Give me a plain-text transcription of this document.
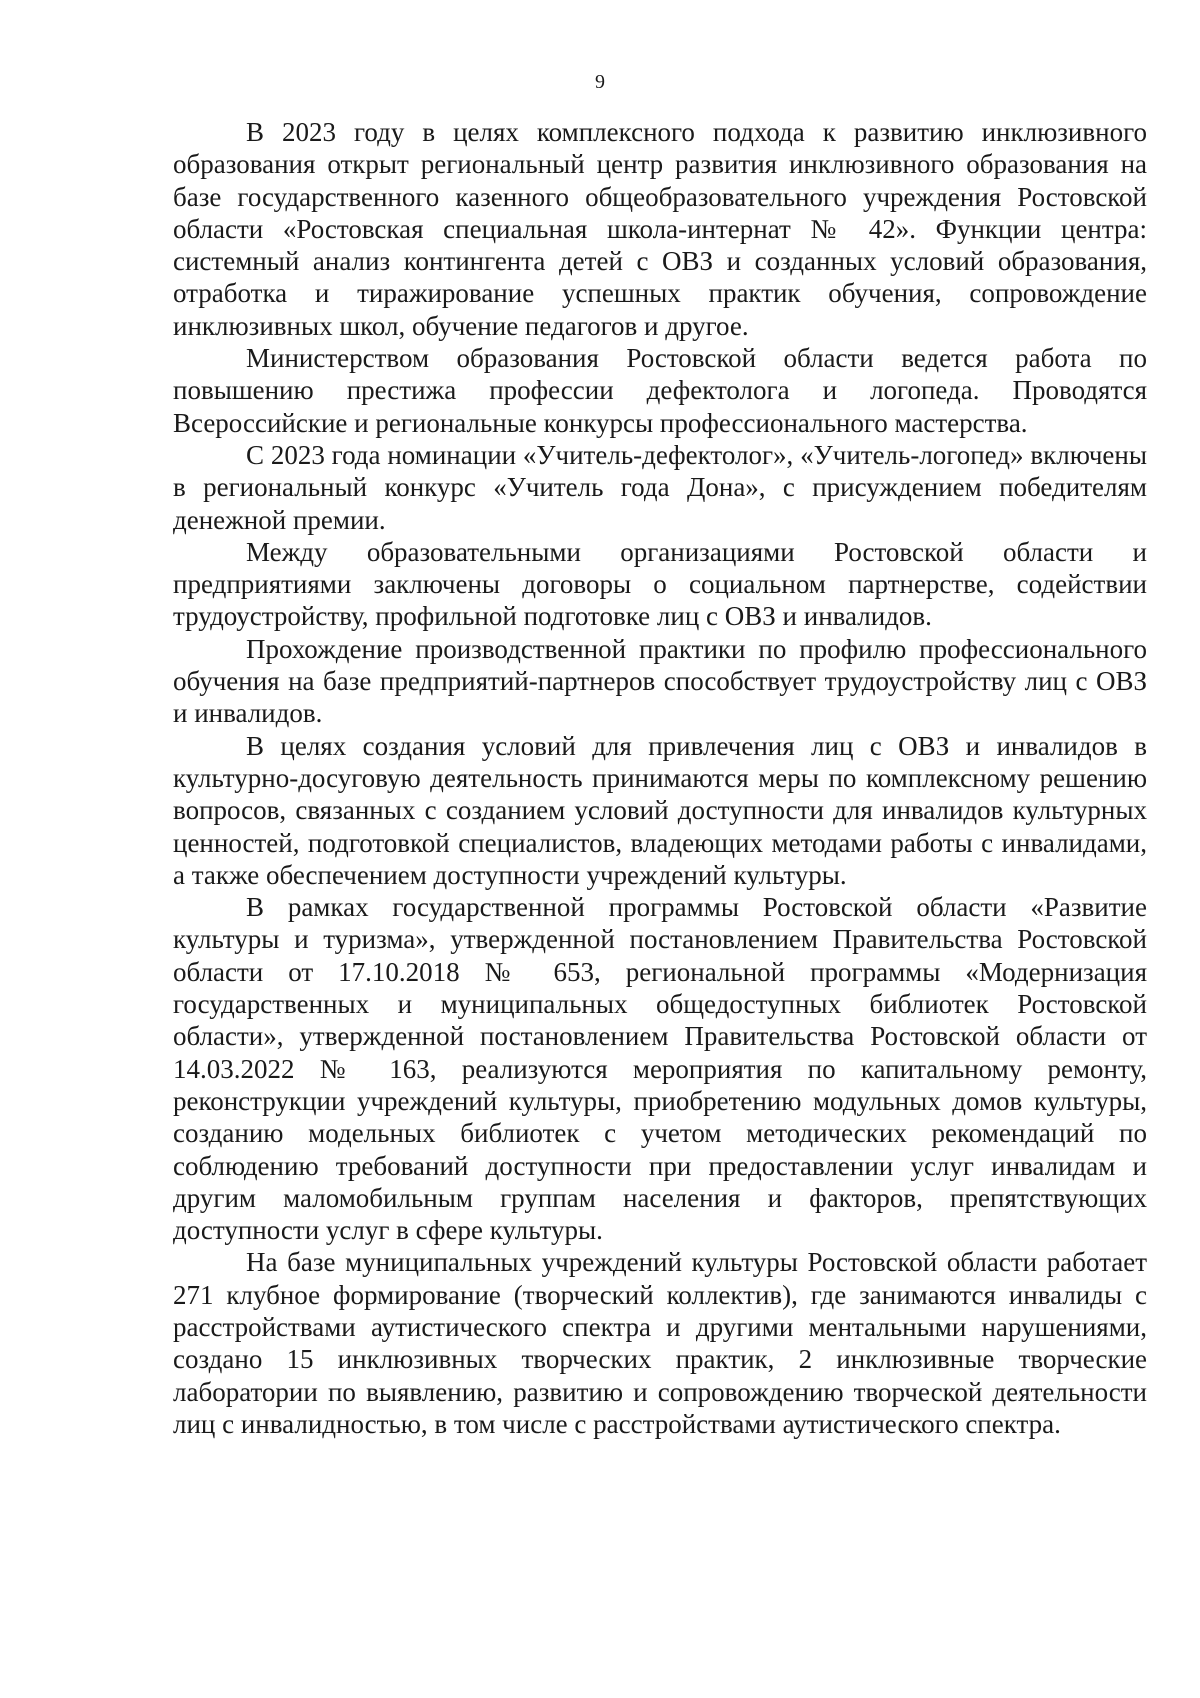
9

В 2023 году в целях комплексного подхода к развитию инклюзивного образования открыт региональный центр развития инклюзивного образования на базе государственного казенного общеобразовательного учреждения Ростовской области «Ростовская специальная школа-интернат № 42». Функции центра: системный анализ контингента детей с ОВЗ и созданных условий образования, отработка и тиражирование успешных практик обучения, сопровождение инклюзивных школ, обучение педагогов и другое.

Министерством образования Ростовской области ведется работа по повышению престижа профессии дефектолога и логопеда. Проводятся Всероссийские и региональные конкурсы профессионального мастерства.

С 2023 года номинации «Учитель-дефектолог», «Учитель-логопед» включены в региональный конкурс «Учитель года Дона», с присуждением победителям денежной премии.

Между образовательными организациями Ростовской области и предприятиями заключены договоры о социальном партнерстве, содействии трудоустройству, профильной подготовке лиц с ОВЗ и инвалидов.

Прохождение производственной практики по профилю профессионального обучения на базе предприятий-партнеров способствует трудоустройству лиц с ОВЗ и инвалидов.

В целях создания условий для привлечения лиц с ОВЗ и инвалидов в культурно-досуговую деятельность принимаются меры по комплексному решению вопросов, связанных с созданием условий доступности для инвалидов культурных ценностей, подготовкой специалистов, владеющих методами работы с инвалидами, а также обеспечением доступности учреждений культуры.

В рамках государственной программы Ростовской области «Развитие культуры и туризма», утвержденной постановлением Правительства Ростовской области от 17.10.2018 № 653, региональной программы «Модернизация государственных и муниципальных общедоступных библиотек Ростовской области», утвержденной постановлением Правительства Ростовской области от 14.03.2022 № 163, реализуются мероприятия по капитальному ремонту, реконструкции учреждений культуры, приобретению модульных домов культуры, созданию модельных библиотек с учетом методических рекомендаций по соблюдению требований доступности при предоставлении услуг инвалидам и другим маломобильным группам населения и факторов, препятствующих доступности услуг в сфере культуры.

На базе муниципальных учреждений культуры Ростовской области работает 271 клубное формирование (творческий коллектив), где занимаются инвалиды с расстройствами аутистического спектра и другими ментальными нарушениями, создано 15 инклюзивных творческих практик, 2 инклюзивные творческие лаборатории по выявлению, развитию и сопровождению творческой деятельности лиц с инвалидностью, в том числе с расстройствами аутистического спектра.
